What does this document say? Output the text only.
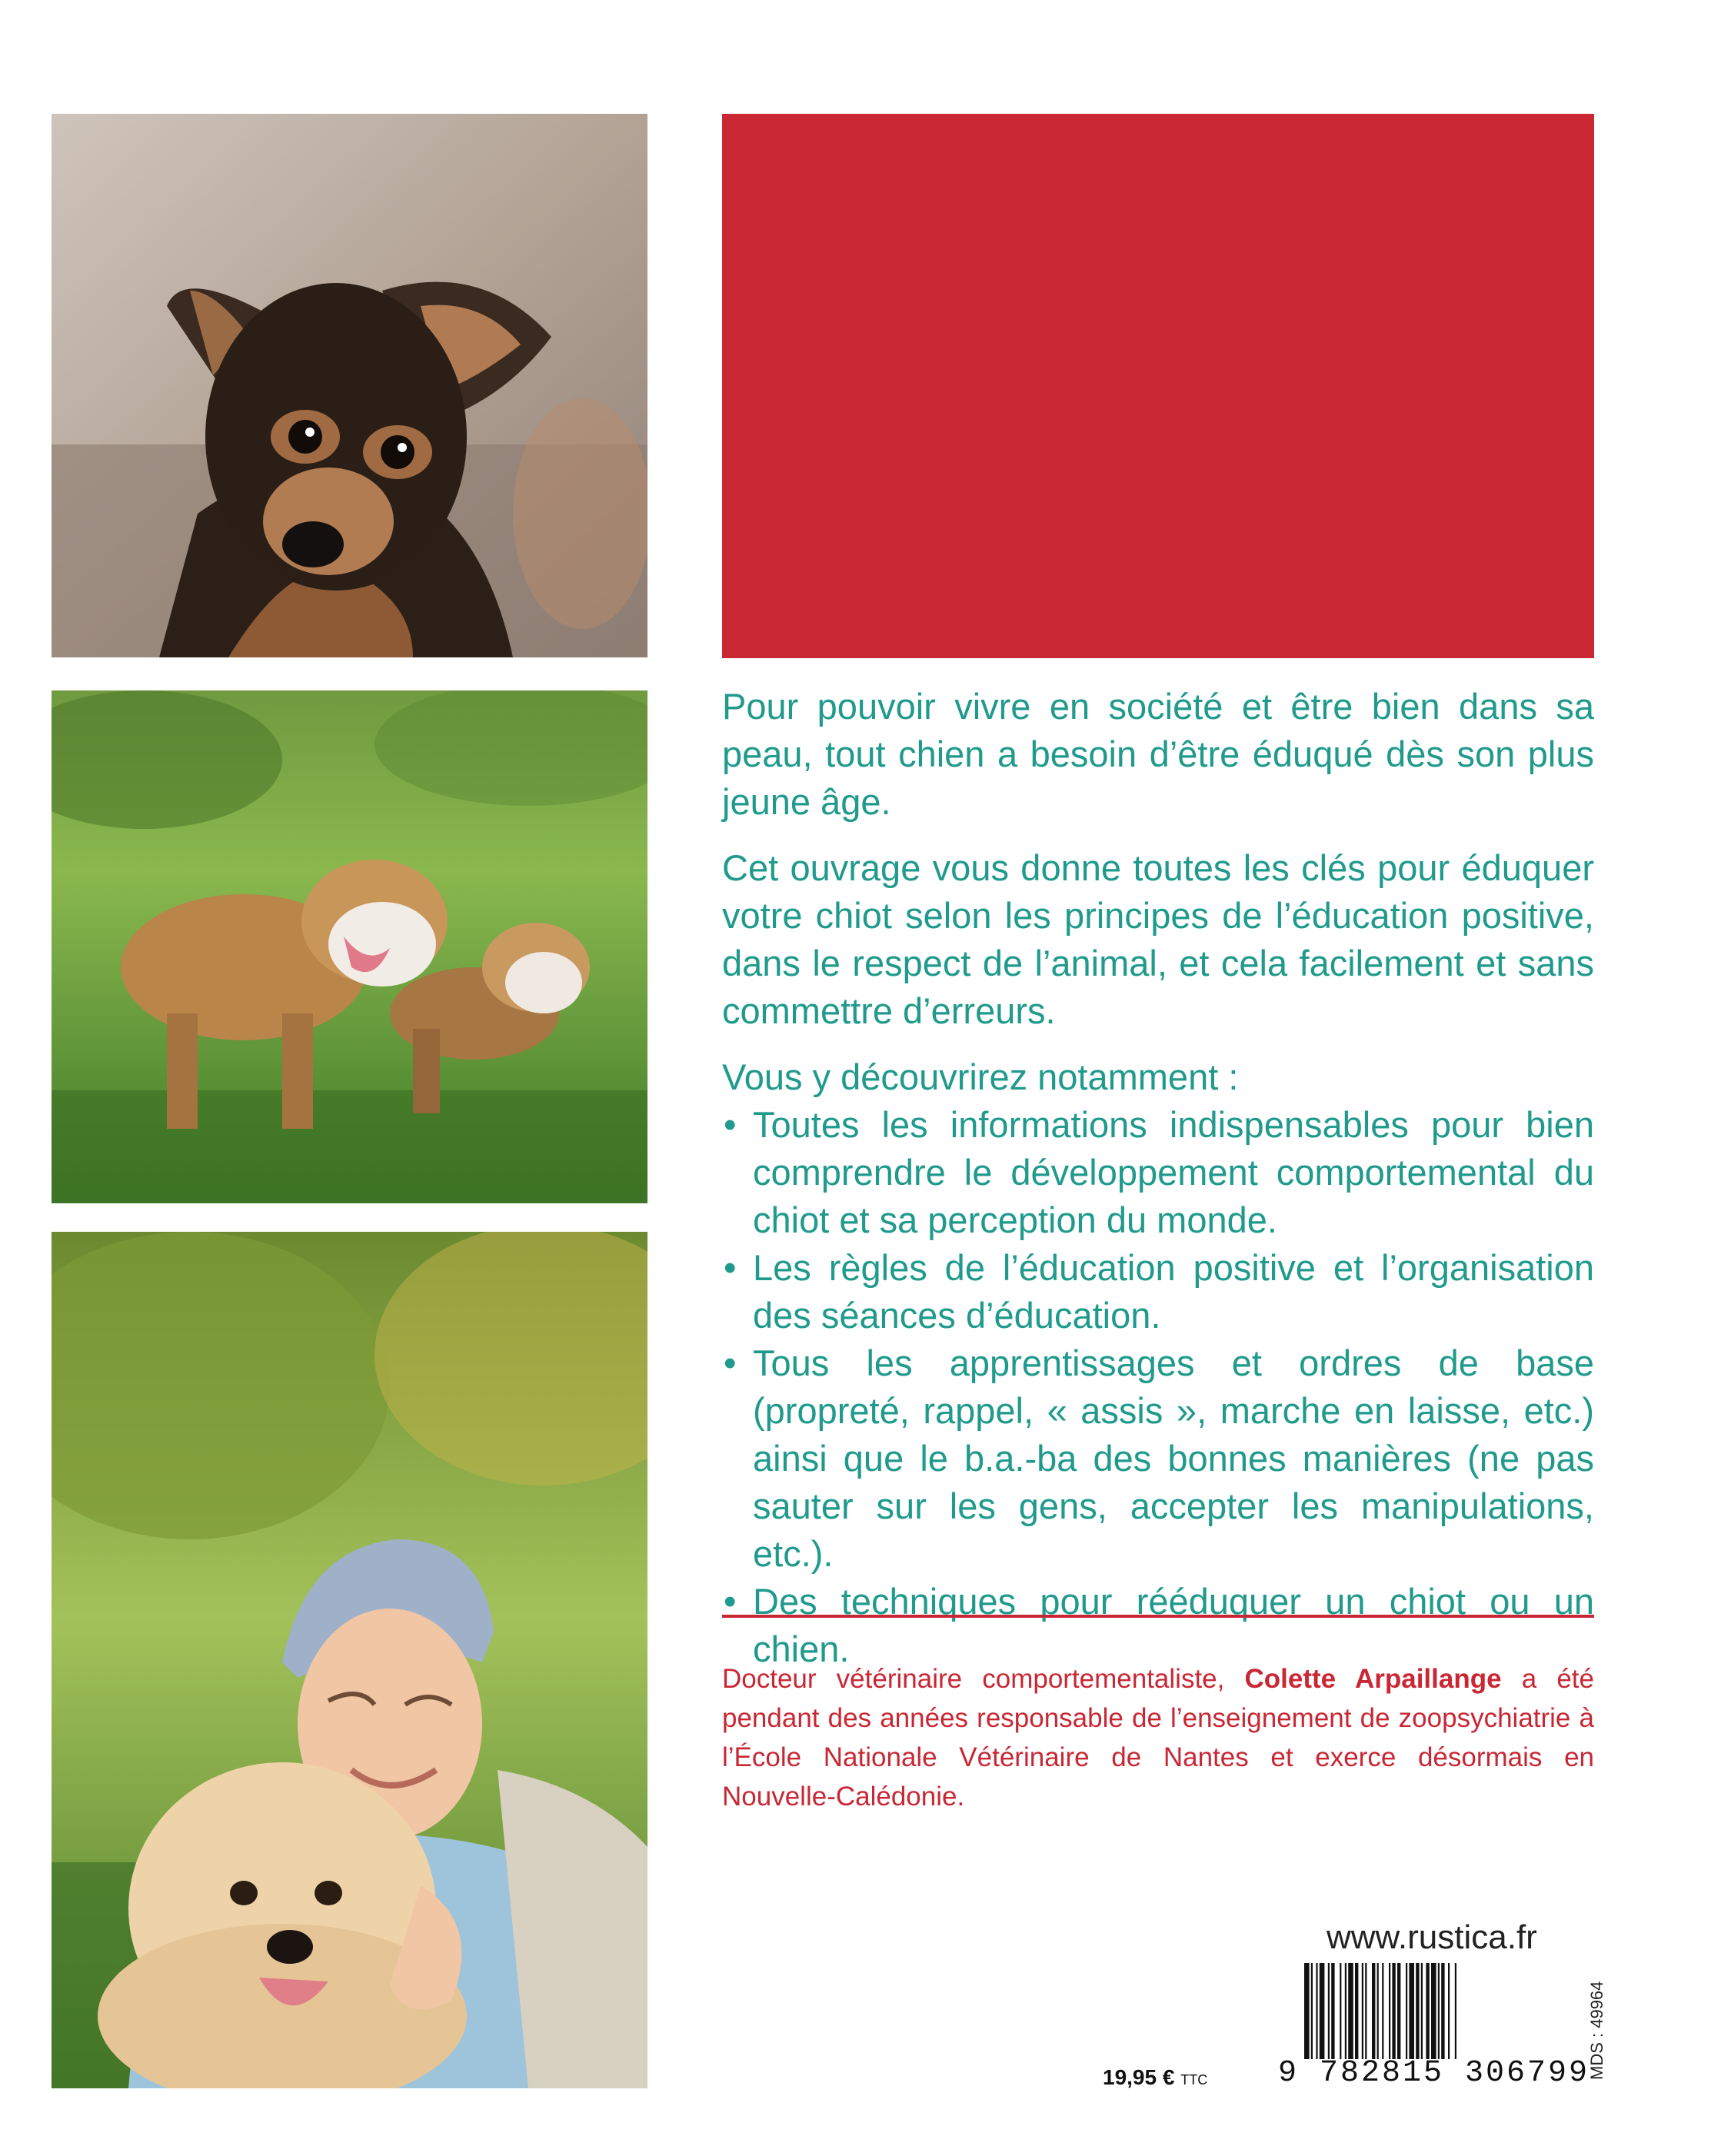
Pour pouvoir vivre en société et être bien dans sa peau, tout chien a besoin d’être éduqué dès son plus jeune âge.

Cet ouvrage vous donne toutes les clés pour éduquer votre chiot selon les principes de l’éducation positive, dans le respect de l’animal, et cela facilement et sans commettre d’erreurs.

Vous y découvrirez notamment :

• Toutes les informations indispensables pour bien comprendre le développement comportemental du chiot et sa perception du monde.
• Les règles de l’éducation positive et l’organisation des séances d’éducation.
• Tous les apprentissages et ordres de base (propreté, rappel, « assis », marche en laisse, etc.) ainsi que le b.a.-ba des bonnes manières (ne pas sauter sur les gens, accepter les manipulations, etc.).
• Des techniques pour rééduquer un chiot ou un chien.
Docteur vétérinaire comportementaliste, Colette Arpaillange a été pendant des années responsable de l’enseignement de zoopsychiatrie à l’École Nationale Vétérinaire de Nantes et exerce désormais en Nouvelle-Calédonie.
www.rustica.fr
9 782815 306799
MDS : 49964
19,95 € TTC
